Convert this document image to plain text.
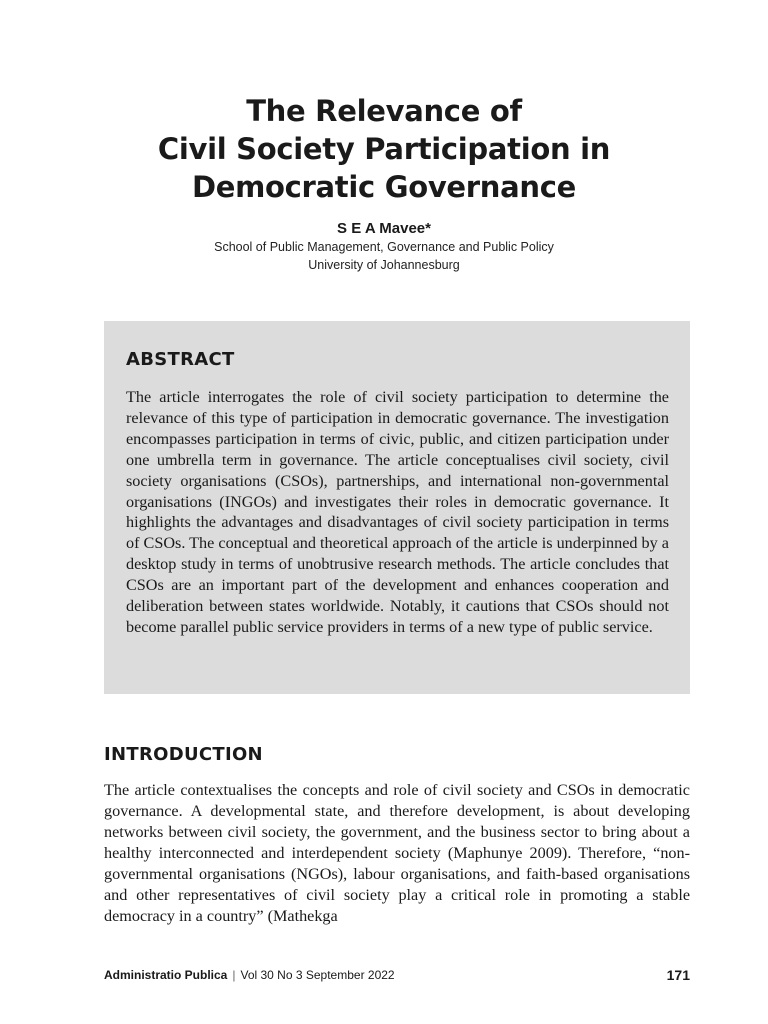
The Relevance of
Civil Society Participation in
Democratic Governance
S E A Mavee*
School of Public Management, Governance and Public Policy
University of Johannesburg
ABSTRACT

The article interrogates the role of civil society participation to determine the relevance of this type of participation in democratic governance. The investigation encompasses participation in terms of civic, public, and citizen participation under one umbrella term in governance. The article conceptualises civil society, civil society organisations (CSOs), partnerships, and international non-governmental organisations (INGOs) and investigates their roles in democratic governance. It highlights the advantages and disadvantages of civil society participation in terms of CSOs. The conceptual and theoretical approach of the article is underpinned by a desktop study in terms of unobtrusive research methods. The article concludes that CSOs are an important part of the development and enhances cooperation and deliberation between states worldwide. Notably, it cautions that CSOs should not become parallel public service providers in terms of a new type of public service.

INTRODUCTION

The article contextualises the concepts and role of civil society and CSOs in democratic governance. A developmental state, and therefore development, is about developing networks between civil society, the government, and the business sector to bring about a healthy interconnected and interdependent society (Maphunye 2009). Therefore, “non-governmental organisations (NGOs), labour organisations, and faith-based organisations and other representatives of civil society play a critical role in promoting a stable democracy in a country” (Mathekga

Administratio Publica | Vol 30 No 3 September 2022	171
